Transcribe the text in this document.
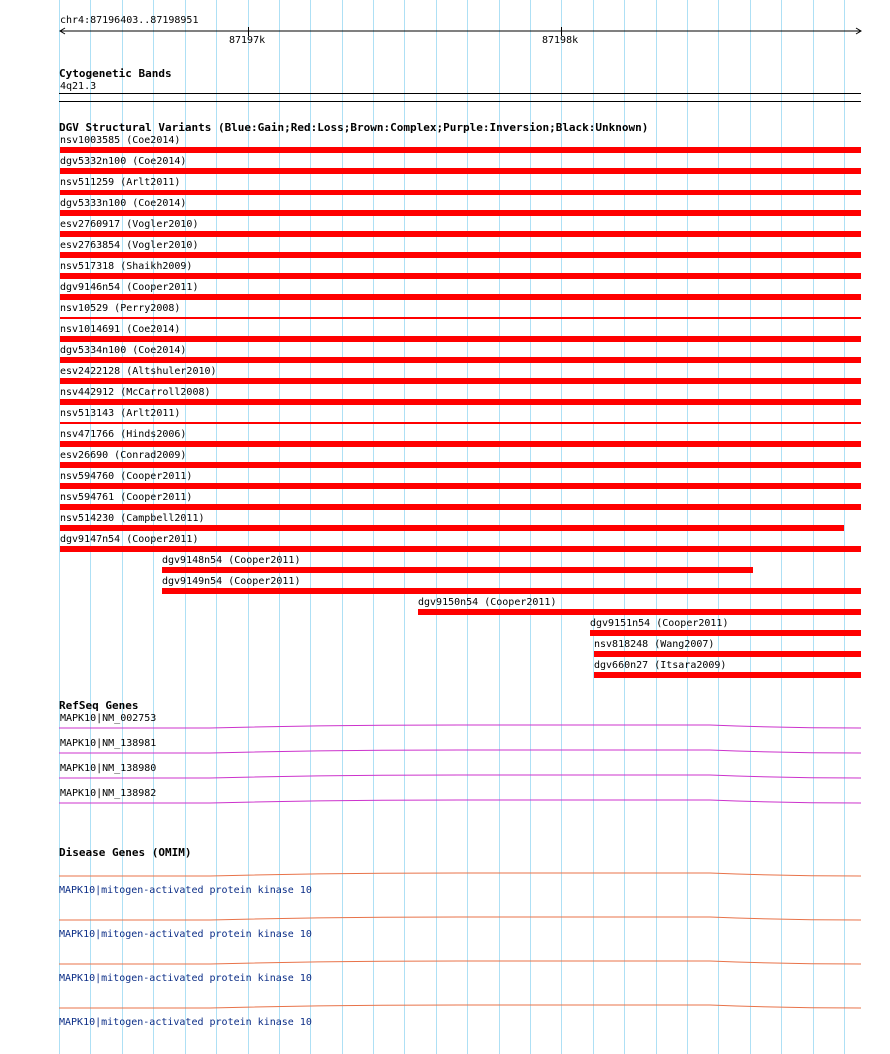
chr4:87196403..87198951
87197k	87198k
Cytogenetic Bands
4q21.3
DGV Structural Variants (Blue:Gain;Red:Loss;Brown:Complex;Purple:Inversion;Black:Unknown)
nsv1003585 (Coe2014)
dgv5332n100 (Coe2014)
nsv511259 (Arlt2011)
dgv5333n100 (Coe2014)
esv2760917 (Vogler2010)
esv2763854 (Vogler2010)
nsv517318 (Shaikh2009)
dgv9146n54 (Cooper2011)
nsv10529 (Perry2008)
nsv1014691 (Coe2014)
dgv5334n100 (Coe2014)
esv2422128 (Altshuler2010)
nsv442912 (McCarroll2008)
nsv513143 (Arlt2011)
nsv471766 (Hinds2006)
esv26690 (Conrad2009)
nsv594760 (Cooper2011)
nsv594761 (Cooper2011)
nsv514230 (Campbell2011)
dgv9147n54 (Cooper2011)
dgv9148n54 (Cooper2011)
dgv9149n54 (Cooper2011)
dgv9150n54 (Cooper2011)
dgv9151n54 (Cooper2011)
nsv818248 (Wang2007)
dgv660n27 (Itsara2009)
RefSeq Genes
MAPK10|NM_002753
MAPK10|NM_138981
MAPK10|NM_138980
MAPK10|NM_138982
Disease Genes (OMIM)
MAPK10|mitogen-activated protein kinase 10
MAPK10|mitogen-activated protein kinase 10
MAPK10|mitogen-activated protein kinase 10
MAPK10|mitogen-activated protein kinase 10
